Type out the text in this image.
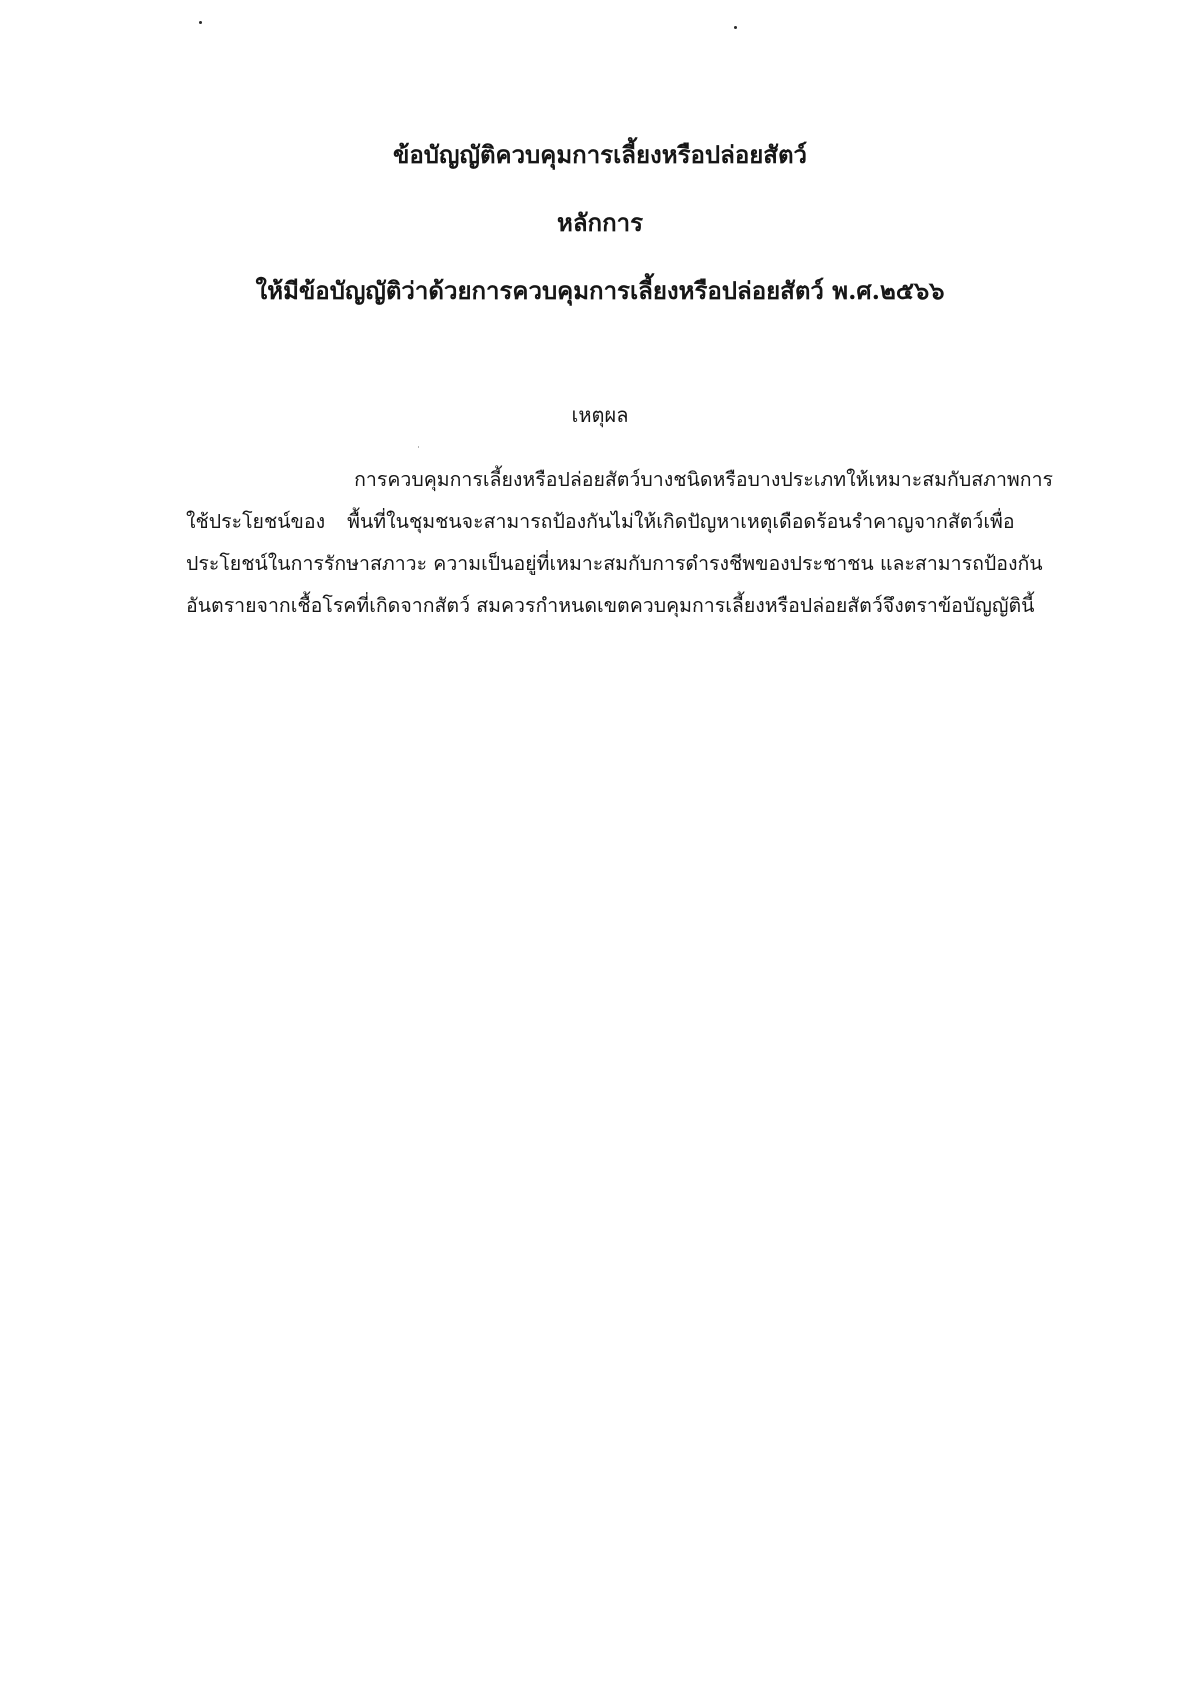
ข้อบัญญัติควบคุมการเลี้ยงหรือปล่อยสัตว์
หลักการ
ให้มีข้อบัญญัติว่าด้วยการควบคุมการเลี้ยงหรือปล่อยสัตว์ พ.ศ.๒๕๖๖
เหตุผล
การควบคุมการเลี้ยงหรือปล่อยสัตว์บางชนิดหรือบางประเภทให้เหมาะสมกับสภาพการ
ใช้ประโยชน์ของ พื้นที่ในชุมชนจะสามารถป้องกันไม่ให้เกิดปัญหาเหตุเดือดร้อนรำคาญจากสัตว์เพื่อ
ประโยชน์ในการรักษาสภาวะ ความเป็นอยู่ที่เหมาะสมกับการดำรงชีพของประชาชน และสามารถป้องกัน
อันตรายจากเชื้อโรคที่เกิดจากสัตว์ สมควรกำหนดเขตควบคุมการเลี้ยงหรือปล่อยสัตว์จึงตราข้อบัญญัตินี้
